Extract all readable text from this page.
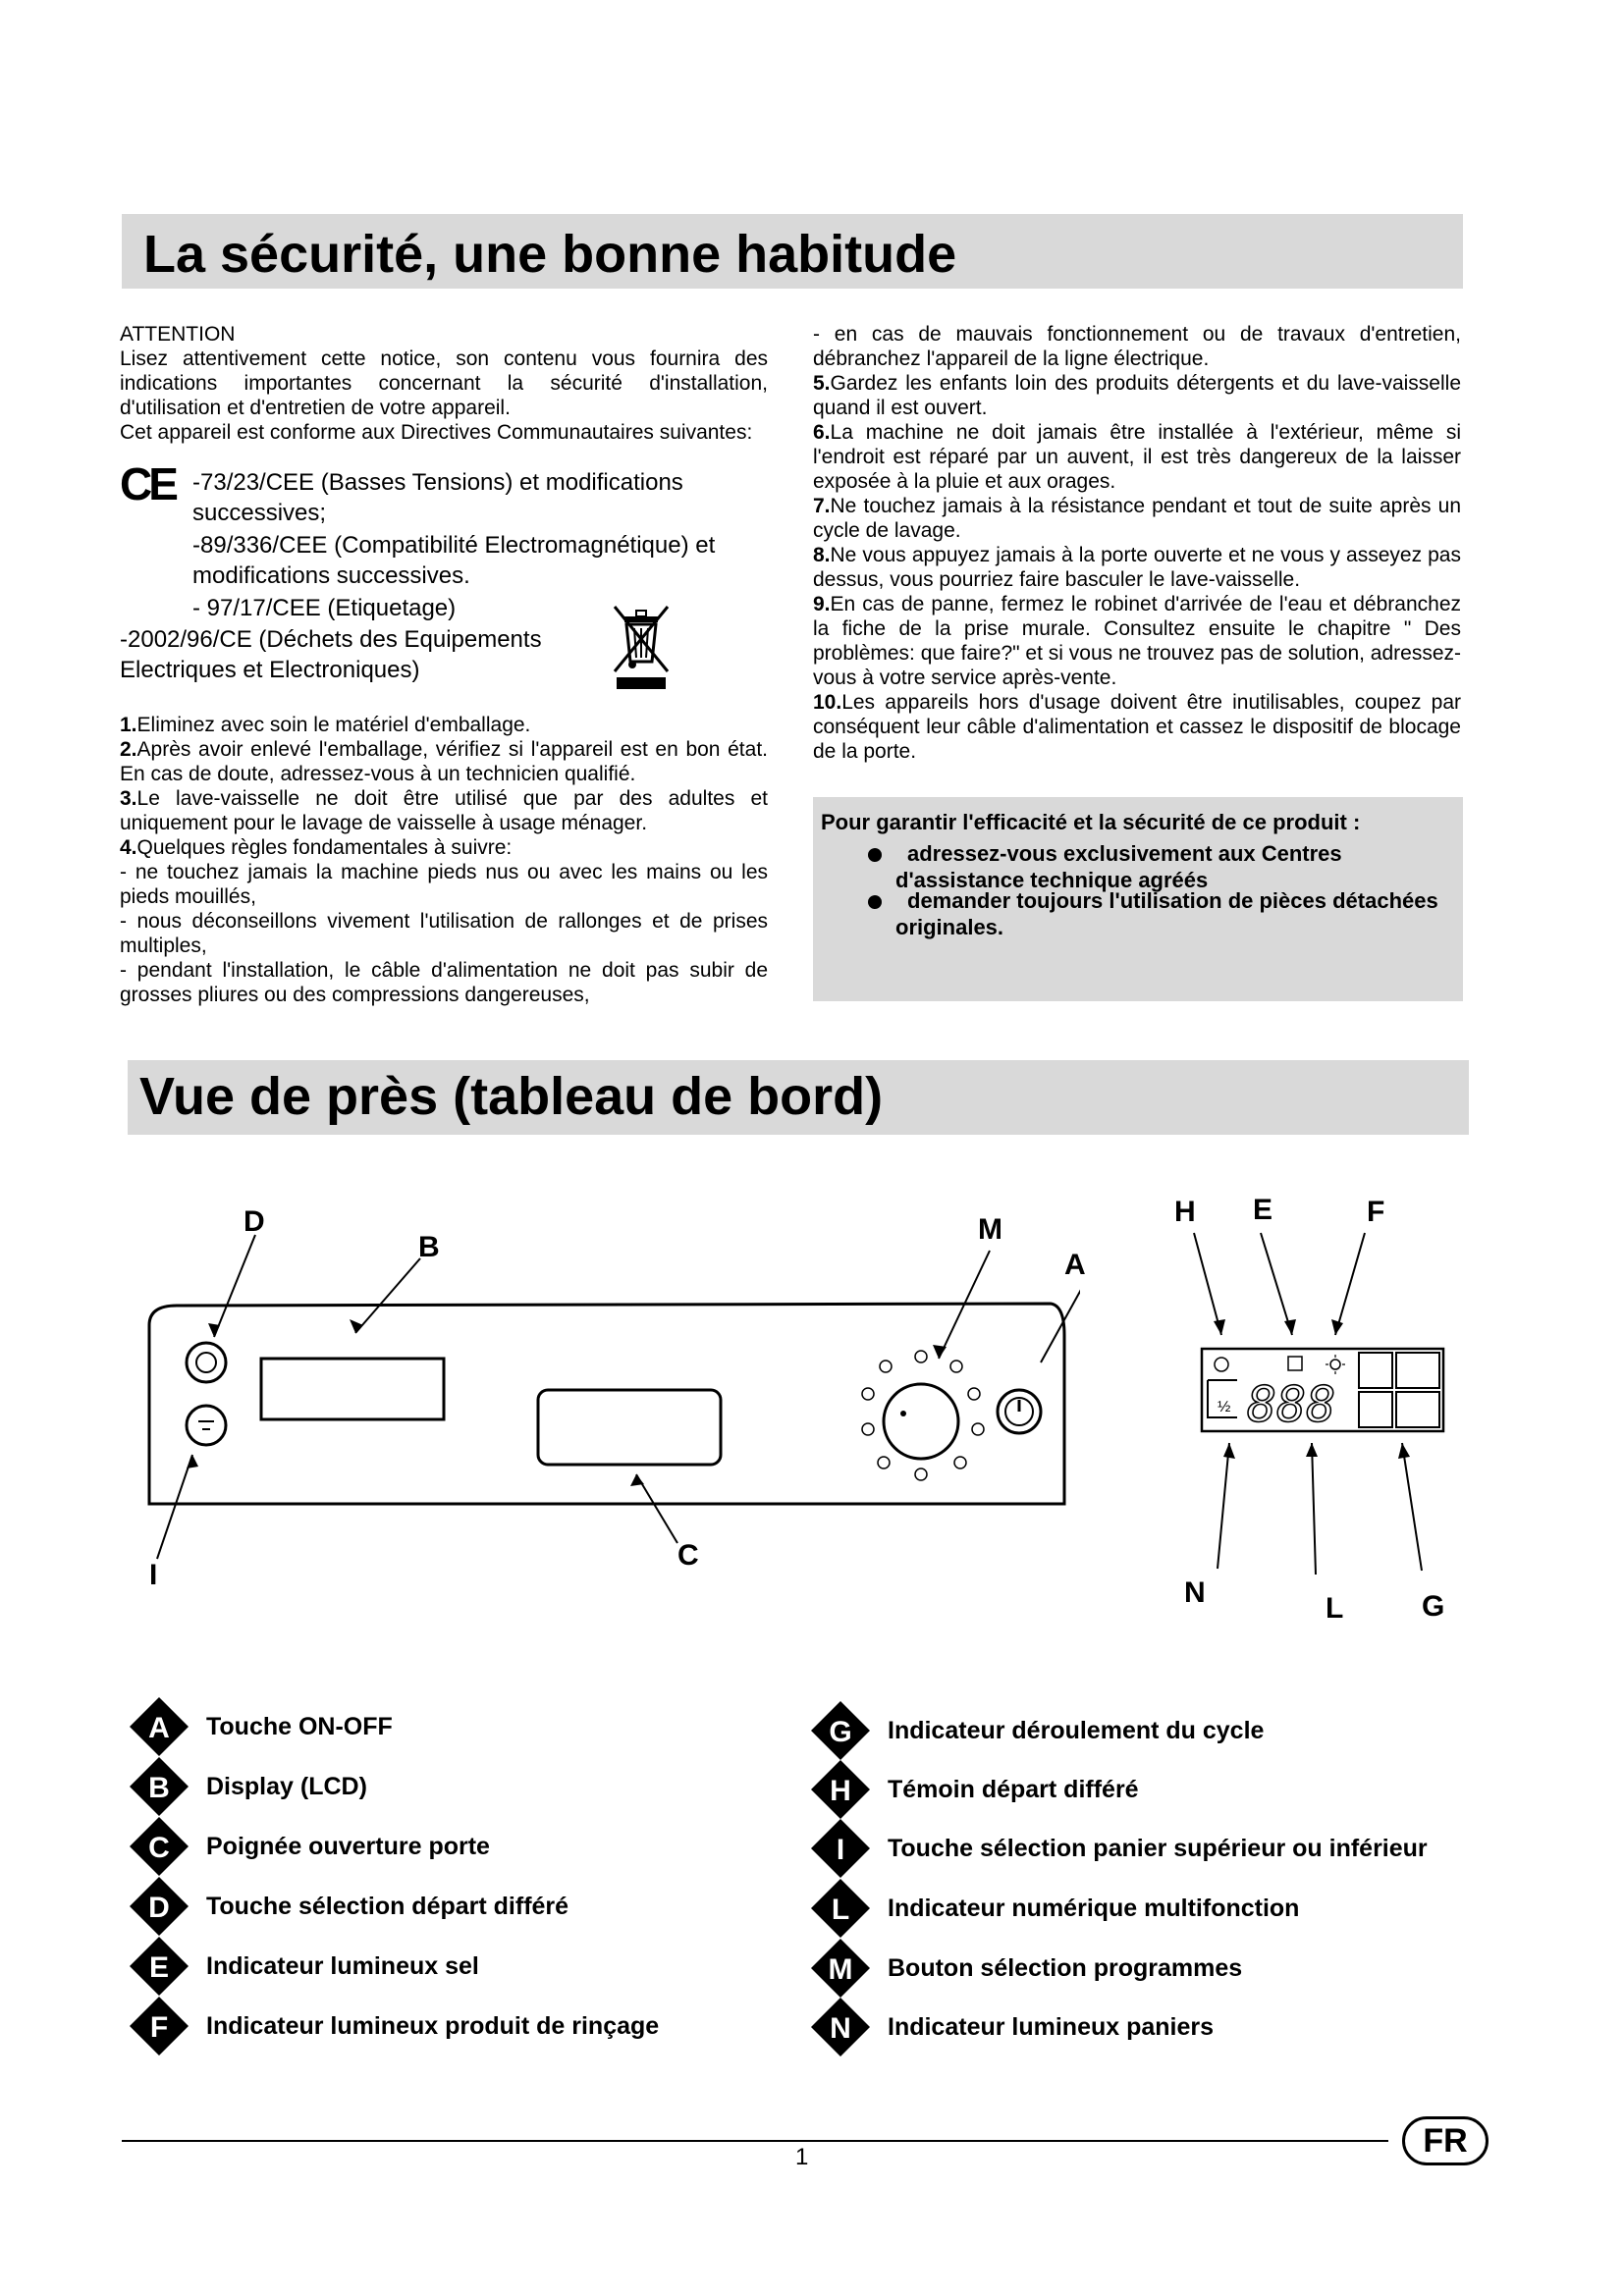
La sécurité, une bonne habitude

ATTENTION

Lisez attentivement cette notice, son contenu vous fournira des indications importantes concernant la sécurité d'installation, d'utilisation et d'entretien de votre appareil.

Cet appareil est conforme aux Directives Communautaires suivantes:

CE -73/23/CEE (Basses Tensions) et modifications successives;
-89/336/CEE (Compatibilité Electromagnétique) et modifications successives.
- 97/17/CEE (Etiquetage)
-2002/96/CE (Déchets des Equipements Electriques et Electroniques)

1.Eliminez avec soin le matériel d'emballage.

2.Après avoir enlevé l'emballage, vérifiez si l'appareil est en bon état. En cas de doute, adressez-vous à un technicien qualifié.

3.Le lave-vaisselle ne doit être utilisé que par des adultes et uniquement pour le lavage de vaisselle à usage ménager.

4.Quelques règles fondamentales à suivre:

- ne touchez jamais la machine pieds nus ou avec les mains ou les pieds mouillés,

- nous déconseillons vivement l'utilisation de rallonges et de prises multiples,

- pendant l'installation, le câble d'alimentation ne doit pas subir de grosses pliures ou des compressions dangereuses,

- en cas de mauvais fonctionnement ou de travaux d'entretien, débranchez l'appareil de la ligne électrique.

5.Gardez les enfants loin des produits détergents et du lave-vaisselle quand il est ouvert.

6.La machine ne doit jamais être installée à l'extérieur, même si l'endroit est réparé par un auvent, il est très dangereux de la laisser exposée à la pluie et aux orages.

7.Ne touchez jamais à la résistance pendant et tout de suite après un cycle de lavage.

8.Ne vous appuyez jamais à la porte ouverte et ne vous y asseyez pas dessus, vous pourriez faire basculer le lave-vaisselle.

9.En cas de panne, fermez le robinet d'arrivée de l'eau et débranchez la fiche de la prise murale. Consultez ensuite le chapitre " Des problèmes: que faire?" et si vous ne trouvez pas de solution, adressez-vous à votre service après-vente.

10.Les appareils hors d'usage doivent être inutilisables, coupez par conséquent leur câble d'alimentation et cassez le dispositif de blocage de la porte.

Pour garantir l'efficacité et la sécurité de ce produit :
adressez-vous exclusivement aux Centres d'assistance technique agréés
demander toujours l'utilisation de pièces détachées originales.
Vue de près (tableau de bord)
D
B
M
A
I
C
½ 888
H E	F
N	L	G
A Touche ON-OFF
B Display (LCD)
C Poignée ouverture porte
D Touche sélection départ différé
E Indicateur lumineux sel
F Indicateur lumineux produit de rinçage
G Indicateur déroulement du cycle
H Témoin départ différé
I Touche sélection panier supérieur ou inférieur
L Indicateur numérique multifonction
M Bouton sélection programmes
N Indicateur lumineux paniers
1	FR
